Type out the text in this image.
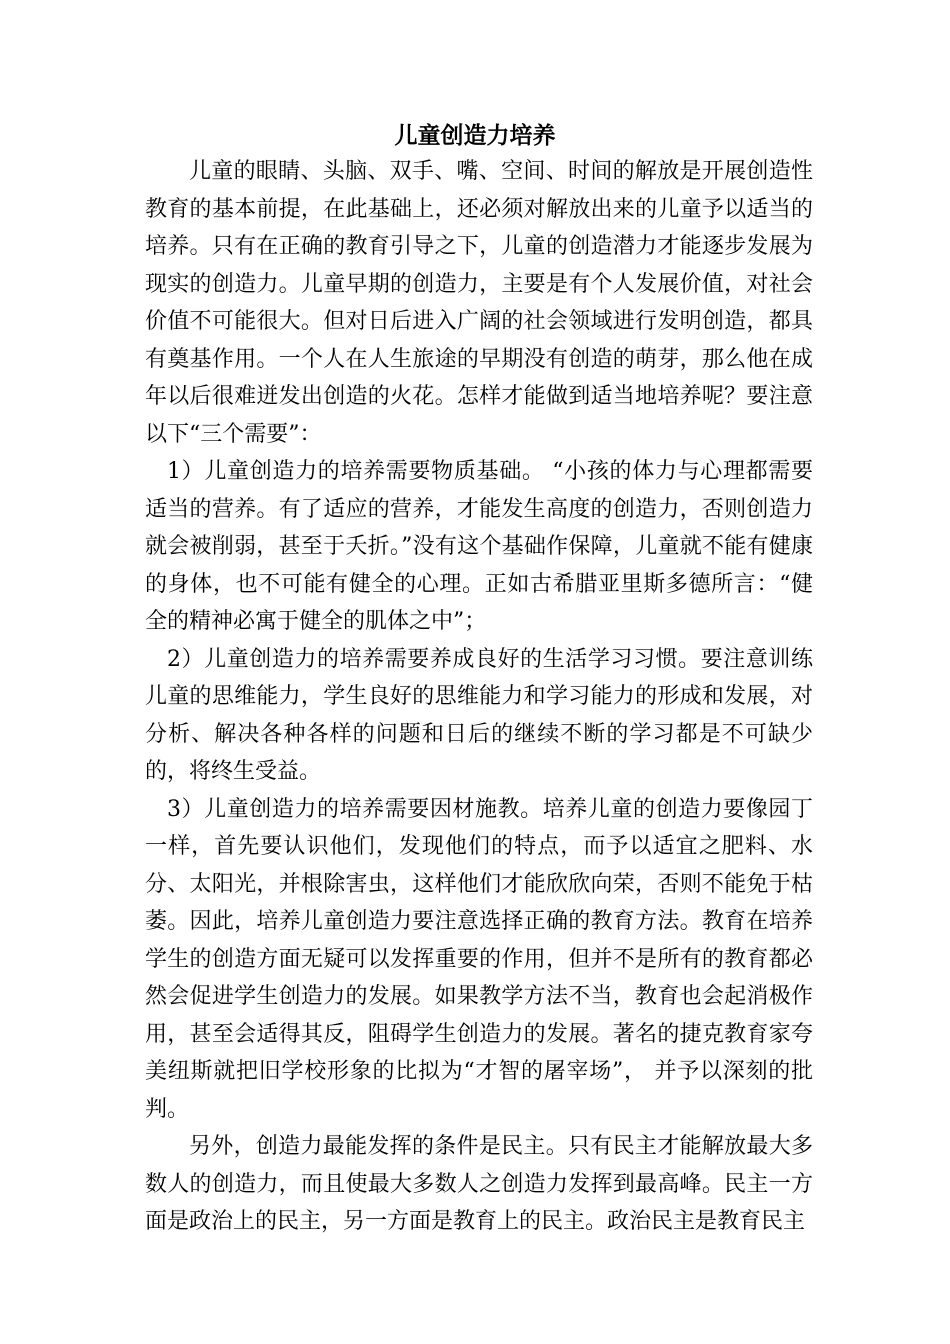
儿童创造力培养

儿童的眼睛、头脑、双手、嘴、空间、时间的解放是开展创造性教育的基本前提，在此基础上，还必须对解放出来的儿童予以适当的培养。只有在正确的教育引导之下，儿童的创造潜力才能逐步发展为现实的创造力。儿童早期的创造力，主要是有个人发展价值，对社会价值不可能很大。但对日后进入广阔的社会领域进行发明创造，都具有奠基作用。一个人在人生旅途的早期没有创造的萌芽，那么他在成年以后很难迸发出创造的火花。怎样才能做到适当地培养呢？要注意以下“三个需要”：

1）儿童创造力的培养需要物质基础。 “小孩的体力与心理都需要适当的营养。有了适应的营养，才能发生高度的创造力，否则创造力就会被削弱，甚至于夭折。”没有这个基础作保障，儿童就不能有健康的身体，也不可能有健全的心理。正如古希腊亚里斯多德所言：“健全的精神必寓于健全的肌体之中”；

2）儿童创造力的培养需要养成良好的生活学习习惯。要注意训练儿童的思维能力，学生良好的思维能力和学习能力的形成和发展，对分析、解决各种各样的问题和日后的继续不断的学习都是不可缺少的，将终生受益。

3）儿童创造力的培养需要因材施教。培养儿童的创造力要像园丁一样，首先要认识他们，发现他们的特点，而予以适宜之肥料、水分、太阳光，并根除害虫，这样他们才能欣欣向荣，否则不能免于枯萎。因此，培养儿童创造力要注意选择正确的教育方法。教育在培养学生的创造方面无疑可以发挥重要的作用，但并不是所有的教育都必然会促进学生创造力的发展。如果教学方法不当，教育也会起消极作用，甚至会适得其反，阻碍学生创造力的发展。著名的捷克教育家夸美纽斯就把旧学校形象的比拟为“才智的屠宰场”， 并予以深刻的批判。

另外，创造力最能发挥的条件是民主。只有民主才能解放最大多数人的创造力，而且使最大多数人之创造力发挥到最高峰。民主一方面是政治上的民主，另一方面是教育上的民主。政治民主是教育民主
